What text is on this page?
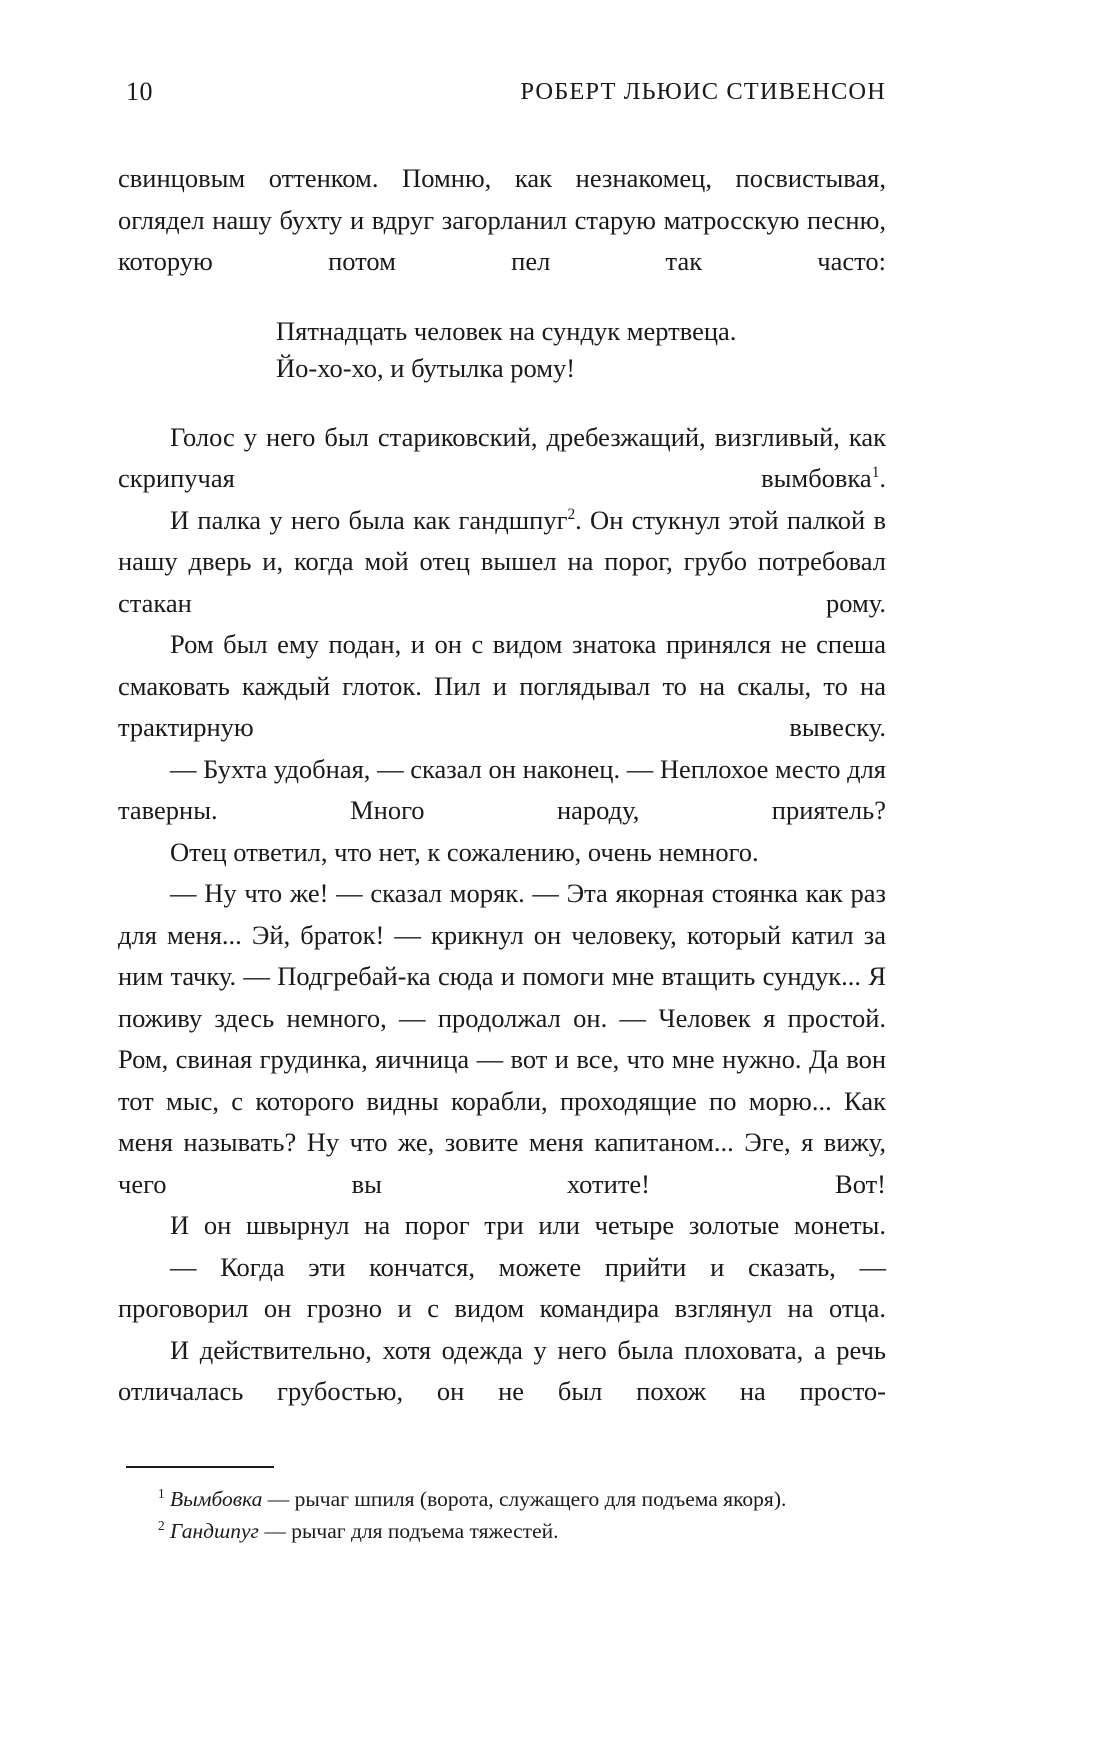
10	РОБЕРТ ЛЬЮИС СТИВЕНСОН

свинцовым оттенком. Помню, как незнакомец, посвистывая, оглядел нашу бухту и вдруг загорланил старую матросскую песню, которую потом пел так часто:

Пятнадцать человек на сундук мертвеца.
Йо-хо-хо, и бутылка рому!

Голос у него был стариковский, дребезжащий, визгливый, как скрипучая вымбовка$^1$.

И палка у него была как гандшпуг$^2$. Он стукнул этой палкой в нашу дверь и, когда мой отец вышел на порог, грубо потребовал стакан рому.

Ром был ему подан, и он с видом знатока принялся не спеша смаковать каждый глоток. Пил и поглядывал то на скалы, то на трактирную вывеску.

— Бухта удобная, — сказал он наконец. — Неплохое место для таверны. Много народу, приятель?

Отец ответил, что нет, к сожалению, очень немного.

— Ну что же! — сказал моряк. — Эта якорная стоянка как раз для меня... Эй, браток! — крикнул он человеку, который катил за ним тачку. — Подгребай-ка сюда и помоги мне втащить сундук... Я поживу здесь немного, — продолжал он. — Человек я простой. Ром, свиная грудинка, яичница — вот и все, что мне нужно. Да вон тот мыс, с которого видны корабли, проходящие по морю... Как меня называть? Ну что же, зовите меня капитаном... Эге, я вижу, чего вы хотите! Вот!

И он швырнул на порог три или четыре золотые монеты.

— Когда эти кончатся, можете прийти и сказать, — проговорил он грозно и с видом командира взглянул на отца.

И действительно, хотя одежда у него была плоховата, а речь отличалась грубостью, он не был похож на просто-

$^1$ Вымбовка — рычаг шпиля (ворота, служащего для подъема якоря).

$^2$ Гандшпуг — рычаг для подъема тяжестей.
